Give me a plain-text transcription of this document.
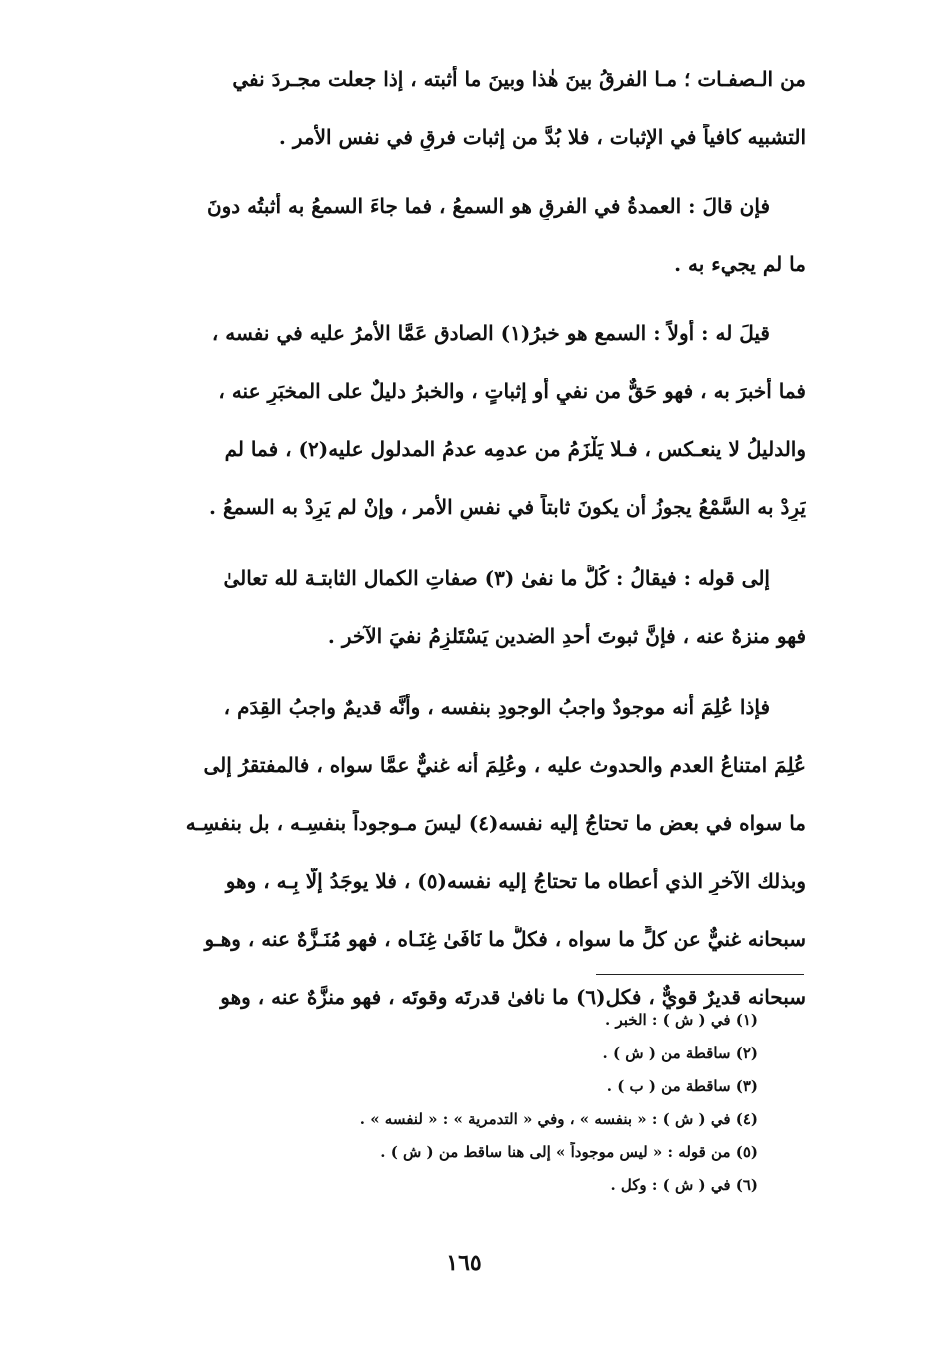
من الـصفـات ؛ مـا الفرقُ بينَ هٰذا وبينَ ما أثبته ، إذا جعلت مجـردَ نفي
التشبيه كافياً في الإثبات ، فلا بُدَّ من إثبات فرقٍ في نفس الأمر .
فإن قالَ : العمدةُ في الفرقِ هو السمعُ ، فما جاءَ السمعُ به أثبتُه دونَ
ما لم يجيء به .
قيلَ له : أولاً : السمع هو خبرُ(١) الصادق عَمَّا الأمرُ عليه في نفسه ،
فما أخبرَ به ، فهو حَقٌّ من نفيٍ أو إثباتٍ ، والخبرُ دليلٌ على المخبَرِ عنه ،
والدليلُ لا ينعـكس ، فـلا يَلْزَمُ من عدمِه عدمُ المدلول عليه(٢) ، فما لم
يَرِدْ به السَّمْعُ يجوزُ أن يكونَ ثابتاً في نفسِ الأمر ، وإنْ لم يَرِدْ به السمعُ .
إلى قوله : فيقالُ : كُلُّ ما نفىٰ (٣) صفاتِ الكمال الثابتـة لله تعالىٰ
فهو منزهٌ عنه ، فإنَّ ثبوتَ أحدِ الضدين يَسْتَلزِمُ نفيَ الآخر .
فإذا عُلِمَ أنه موجودٌ واجبُ الوجودِ بنفسه ، وأنَّه قديمٌ واجبُ القِدَم ،
عُلِمَ امتناعُ العدم والحدوث عليه ، وعُلِمَ أنه غنيٌّ عمَّا سواه ، فالمفتقرُ إلى
ما سواه في بعض ما تحتاجُ إليه نفسه(٤) ليسَ مـوجوداً بنفسِـه ، بل بنفسِـه
وبذلك الآخرِ الذي أعطاه ما تحتاجُ إليه نفسه(٥) ، فلا يوجَدُ إلَّا بِـه ، وهو
سبحانه غنيٌّ عن كلٍّ ما سواه ، فكلُّ ما نَافَىٰ غِنَـاه ، فهو مُنَـزَّهٌ عنه ، وهـو
سبحانه قديرٌ قويٌّ ، فكل(٦) ما نافىٰ قدرتَه وقوتَه ، فهو منزَّهٌ عنه ، وهو
(١) في ( ش ) : الخبر .
(٢) ساقطة من ( ش ) .
(٣) ساقطة من ( ب ) .
(٤) في ( ش ) : « بنفسه » ، وفي « التدمرية » : « لنفسه » .
(٥) من قوله : « ليس موجوداً » إلى هنا ساقط من ( ش ) .
(٦) في ( ش ) : وكل .
١٦٥
